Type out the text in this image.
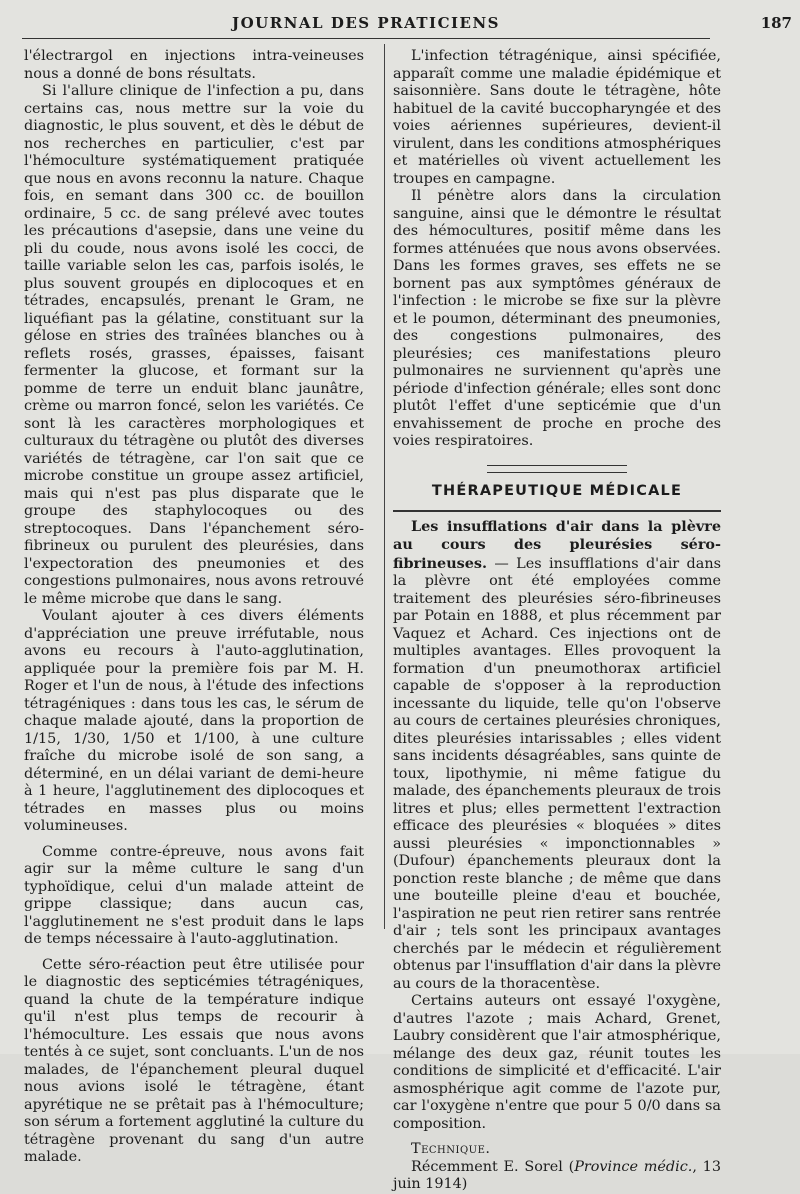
JOURNAL DES PRATICIENS	187

l'électrargol en injections intra-veineuses nous a donné de bons résultats.

Si l'allure clinique de l'infection a pu, dans certains cas, nous mettre sur la voie du diagnostic, le plus souvent, et dès le début de nos recherches en particulier, c'est par l'hémoculture systématiquement pratiquée que nous en avons reconnu la nature. Chaque fois, en semant dans 300 cc. de bouillon ordinaire, 5 cc. de sang prélevé avec toutes les précautions d'asepsie, dans une veine du pli du coude, nous avons isolé les cocci, de taille variable selon les cas, parfois isolés, le plus souvent groupés en diplocoques et en tétrades, encapsulés, prenant le Gram, ne liquéfiant pas la gélatine, constituant sur la gélose en stries des traînées blanches ou à reflets rosés, grasses, épaisses, faisant fermenter la glucose, et formant sur la pomme de terre un enduit blanc jaunâtre, crème ou marron foncé, selon les variétés. Ce sont là les caractères morphologiques et culturaux du tétragène ou plutôt des diverses variétés de tétragène, car l'on sait que ce microbe constitue un groupe assez artificiel, mais qui n'est pas plus disparate que le groupe des staphylocoques ou des streptocoques. Dans l'épanchement séro-fibrineux ou purulent des pleurésies, dans l'expectoration des pneumonies et des congestions pulmonaires, nous avons retrouvé le même microbe que dans le sang.

Voulant ajouter à ces divers éléments d'appréciation une preuve irréfutable, nous avons eu recours à l'auto-agglutination, appliquée pour la première fois par M. H. Roger et l'un de nous, à l'étude des infections tétragéniques : dans tous les cas, le sérum de chaque malade ajouté, dans la proportion de 1/15, 1/30, 1/50 et 1/100, à une culture fraîche du microbe isolé de son sang, a déterminé, en un délai variant de demi-heure à 1 heure, l'agglutinement des diplocoques et tétrades en masses plus ou moins volumineuses.

Comme contre-épreuve, nous avons fait agir sur la même culture le sang d'un typhoïdique, celui d'un malade atteint de grippe classique; dans aucun cas, l'agglutinement ne s'est produit dans le laps de temps nécessaire à l'auto-agglutination.

Cette séro-réaction peut être utilisée pour le diagnostic des septicémies tétragéniques, quand la chute de la température indique qu'il n'est plus temps de recourir à l'hémoculture. Les essais que nous avons tentés à ce sujet, sont concluants. L'un de nos malades, de l'épanchement pleural duquel nous avions isolé le tétragène, étant apyrétique ne se prêtait pas à l'hémoculture; son sérum a fortement agglutiné la culture du tétragène provenant du sang d'un autre malade.

L'infection tétragénique, ainsi spécifiée, apparaît comme une maladie épidémique et saisonnière. Sans doute le tétragène, hôte habituel de la cavité buccopharyngée et des voies aériennes supérieures, devient-il virulent, dans les conditions atmosphériques et matérielles où vivent actuellement les troupes en campagne.

Il pénètre alors dans la circulation sanguine, ainsi que le démontre le résultat des hémocultures, positif même dans les formes atténuées que nous avons observées. Dans les formes graves, ses effets ne se bornent pas aux symptômes généraux de l'infection : le microbe se fixe sur la plèvre et le poumon, déterminant des pneumonies, des congestions pulmonaires, des pleurésies; ces manifestations pleuro pulmonaires ne surviennent qu'après une période d'infection générale; elles sont donc plutôt l'effet d'une septicémie que d'un envahissement de proche en proche des voies respiratoires.

THÉRAPEUTIQUE MÉDICALE

Les insufflations d'air dans la plèvre au cours des pleurésies séro-fibrineuses. — Les insufflations d'air dans la plèvre ont été employées comme traitement des pleurésies séro-fibrineuses par Potain en 1888, et plus récemment par Vaquez et Achard. Ces injections ont de multiples avantages. Elles provoquent la formation d'un pneumothorax artificiel capable de s'opposer à la reproduction incessante du liquide, telle qu'on l'observe au cours de certaines pleurésies chroniques, dites pleurésies intarissables ; elles vident sans incidents désagréables, sans quinte de toux, lipothymie, ni même fatigue du malade, des épanchements pleuraux de trois litres et plus; elles permettent l'extraction efficace des pleurésies « bloquées » dites aussi pleurésies « imponctionnables » (Dufour) épanchements pleuraux dont la ponction reste blanche ; de même que dans une bouteille pleine d'eau et bouchée, l'aspiration ne peut rien retirer sans rentrée d'air ; tels sont les principaux avantages cherchés par le médecin et régulièrement obtenus par l'insufflation d'air dans la plèvre au cours de la thoracentèse.

Certains auteurs ont essayé l'oxygène, d'autres l'azote ; mais Achard, Grenet, Laubry considèrent que l'air atmosphérique, mélange des deux gaz, réunit toutes les conditions de simplicité et d'efficacité. L'air asmosphérique agit comme de l'azote pur, car l'oxygène n'entre que pour 5 0/0 dans sa composition.

Technique.

Récemment E. Sorel (Province médic., 13 juin 1914)
